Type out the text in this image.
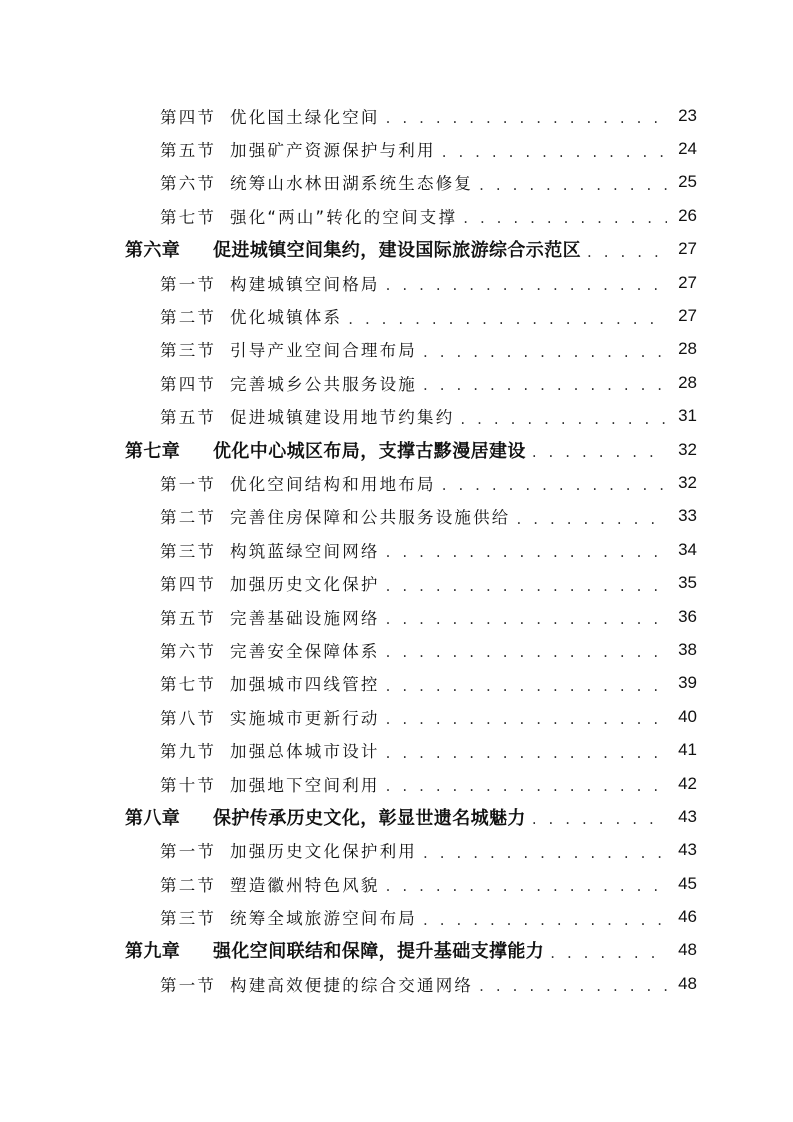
第四节 优化国土绿化空间 . . .	23
第五节 加强矿产资源保护与利用 . . .	24
第六节 统筹山水林田湖系统生态修复 . . .	25
第七节 强化“两山”转化的空间支撑 . . .	26
第六章 促进城镇空间集约，建设国际旅游综合示范区 . . .	27
第一节 构建城镇空间格局 . . .	27
第二节 优化城镇体系 . . .	27
第三节 引导产业空间合理布局 . . .	28
第四节 完善城乡公共服务设施 . . .	28
第五节 促进城镇建设用地节约集约 . . .	31
第七章 优化中心城区布局，支撑古黟漫居建设 . . .	32
第一节 优化空间结构和用地布局 . . .	32
第二节 完善住房保障和公共服务设施供给 . . .	33
第三节 构筑蓝绿空间网络 . . .	34
第四节 加强历史文化保护 . . .	35
第五节 完善基础设施网络 . . .	36
第六节 完善安全保障体系 . . .	38
第七节 加强城市四线管控 . . .	39
第八节 实施城市更新行动 . . .	40
第九节 加强总体城市设计 . . .	41
第十节 加强地下空间利用 . . .	42
第八章 保护传承历史文化，彰显世遗名城魅力 . . .	43
第一节 加强历史文化保护利用 . . .	43
第二节 塑造徽州特色风貌 . . .	45
第三节 统筹全域旅游空间布局 . . .	46
第九章 强化空间联结和保障，提升基础支撑能力 . . .	48
第一节 构建高效便捷的综合交通网络 . . .	48
